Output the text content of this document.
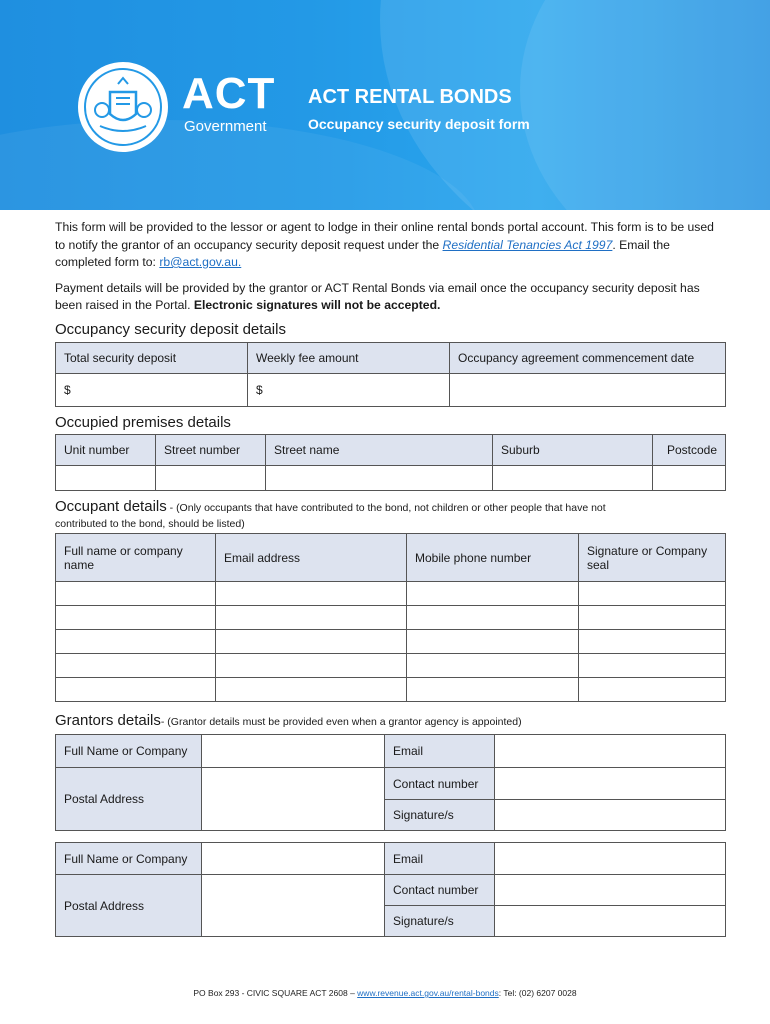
ACT
Government
ACT RENTAL BONDS
Occupancy security deposit form

This form will be provided to the lessor or agent to lodge in their online rental bonds portal account. This form is to be used to notify the grantor of an occupancy security deposit request under the Residential Tenancies Act 1997. Email the completed form to: rb@act.gov.au.

Payment details will be provided by the grantor or ACT Rental Bonds via email once the occupancy security deposit has been raised in the Portal. Electronic signatures will not be accepted.

Occupancy security deposit details
Total security deposit	Weekly fee amount	Occupancy agreement commencement date
$	$	
Occupied premises details
Unit number	Street number	Street name	Suburb	Postcode

Occupant details - (Only occupants that have contributed to the bond, not children or other people that have not
contributed to the bond, should be listed)
Full name or company name	Email address	Mobile phone number	Signature or Company seal

Grantors details- (Grantor details must be provided even when a grantor agency is appointed)
Full Name or Company		Email	
Postal Address		Contact number	
		Signature/s	
Full Name or Company		Email	
Postal Address		Contact number	
		Signature/s	
PO Box 293 - CIVIC SQUARE ACT 2608 – www.revenue.act.gov.au/rental-bonds: Tel: (02) 6207 0028
